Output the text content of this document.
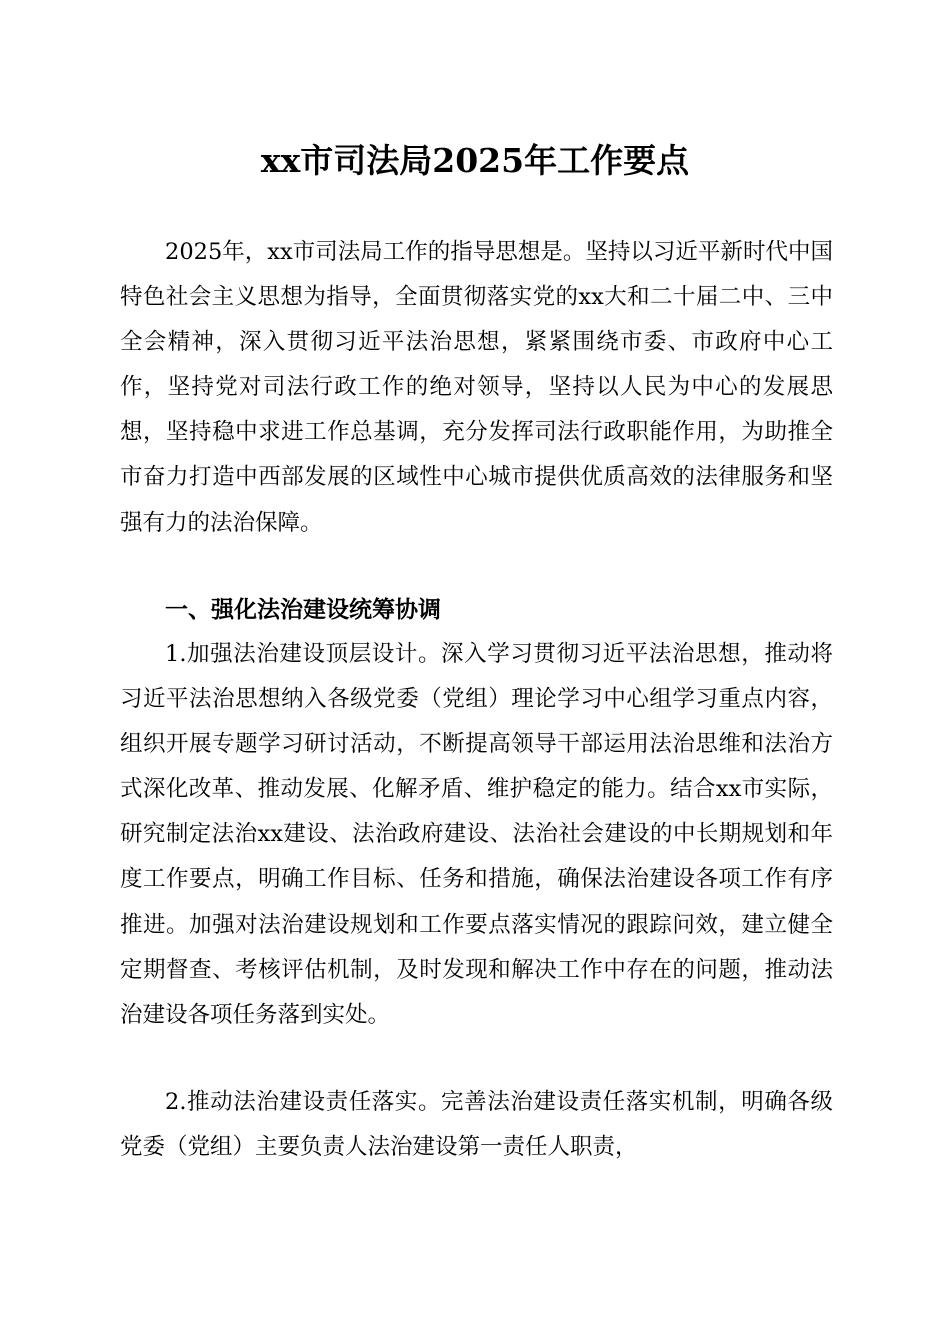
xx市司法局2025年工作要点

2025年，xx市司法局工作的指导思想是。坚持以习近平新时代中国特色社会主义思想为指导，全面贯彻落实党的xx大和二十届二中、三中全会精神，深入贯彻习近平法治思想，紧紧围绕市委、市政府中心工作，坚持党对司法行政工作的绝对领导，坚持以人民为中心的发展思想，坚持稳中求进工作总基调，充分发挥司法行政职能作用，为助推全市奋力打造中西部发展的区域性中心城市提供优质高效的法律服务和坚强有力的法治保障。

一、强化法治建设统筹协调

1.加强法治建设顶层设计。深入学习贯彻习近平法治思想，推动将习近平法治思想纳入各级党委（党组）理论学习中心组学习重点内容，组织开展专题学习研讨活动，不断提高领导干部运用法治思维和法治方式深化改革、推动发展、化解矛盾、维护稳定的能力。结合xx市实际，研究制定法治xx建设、法治政府建设、法治社会建设的中长期规划和年度工作要点，明确工作目标、任务和措施，确保法治建设各项工作有序推进。加强对法治建设规划和工作要点落实情况的跟踪问效，建立健全定期督查、考核评估机制，及时发现和解决工作中存在的问题，推动法治建设各项任务落到实处。

2.推动法治建设责任落实。完善法治建设责任落实机制，明确各级党委（党组）主要负责人法治建设第一责任人职责，
